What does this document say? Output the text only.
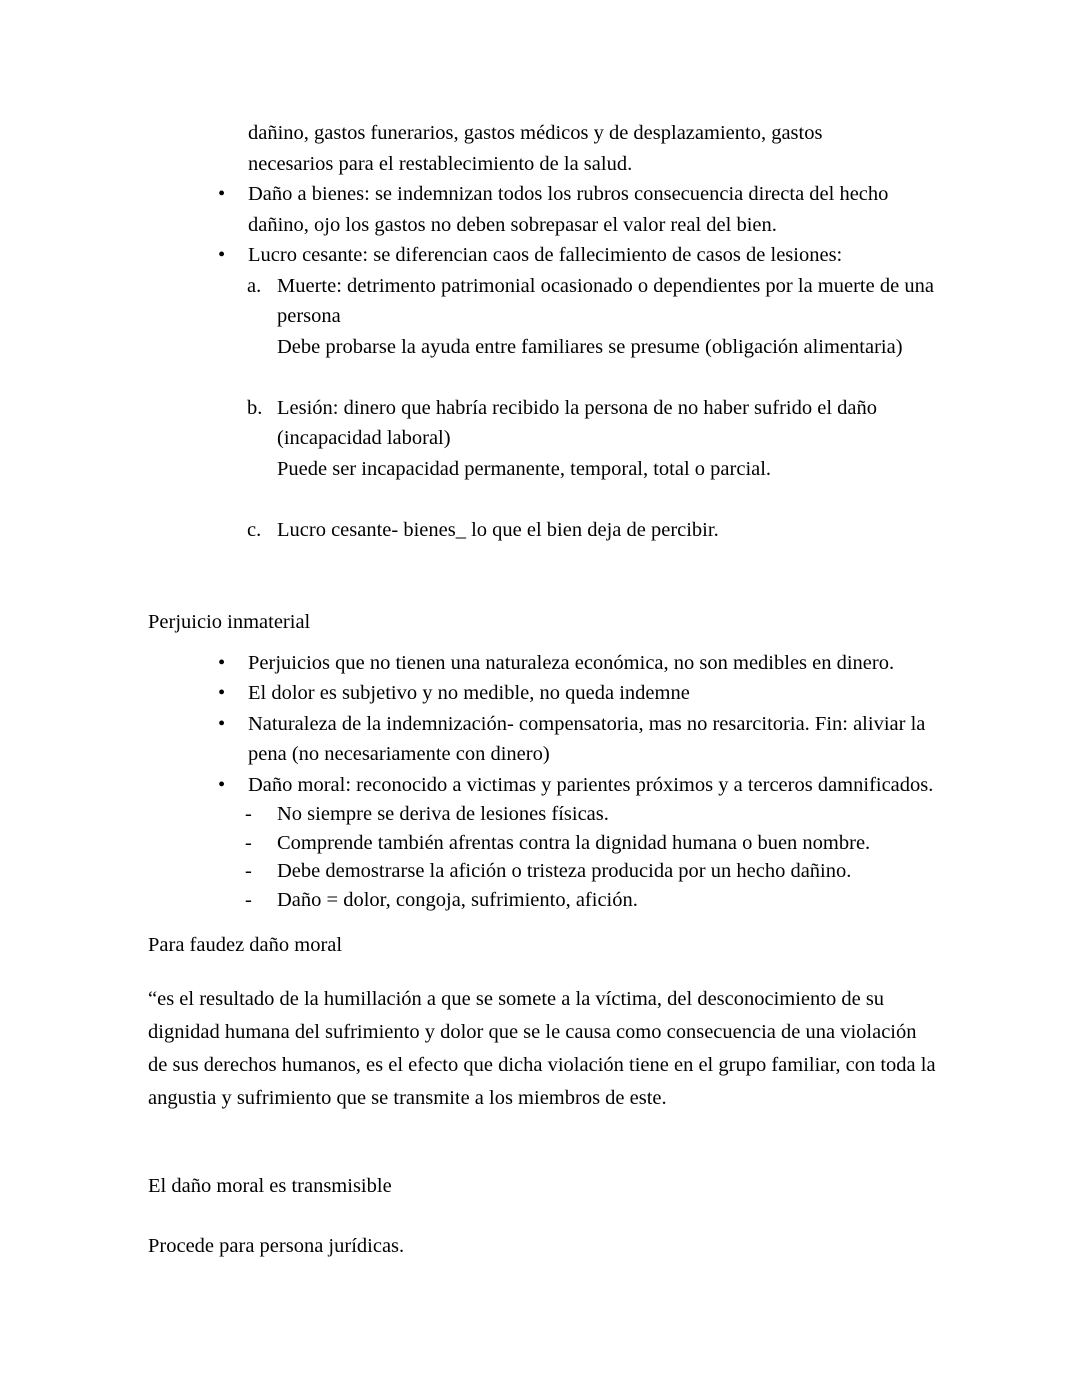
dañino, gastos funerarios, gastos médicos y de desplazamiento, gastos
necesarios para el restablecimiento de la salud.
•	Daño a bienes: se indemnizan todos los rubros consecuencia directa del hecho dañino, ojo los gastos no deben sobrepasar el valor real del bien.
•	Lucro cesante: se diferencian caos de fallecimiento de casos de lesiones:
a. Muerte: detrimento patrimonial ocasionado o dependientes por la muerte de una persona
Debe probarse la ayuda entre familiares se presume (obligación alimentaria)
b. Lesión: dinero que habría recibido la persona de no haber sufrido el daño (incapacidad laboral)
Puede ser incapacidad permanente, temporal, total o parcial.
c. Lucro cesante- bienes_ lo que el bien deja de percibir.
Perjuicio inmaterial
•	Perjuicios que no tienen una naturaleza económica, no son medibles en dinero.
•	El dolor es subjetivo y no medible, no queda indemne
•	Naturaleza de la indemnización- compensatoria, mas no resarcitoria. Fin: aliviar la pena (no necesariamente con dinero)
•	Daño moral: reconocido a victimas y parientes próximos y a terceros damnificados.
-	No siempre se deriva de lesiones físicas.
-	Comprende también afrentas contra la dignidad humana o buen nombre.
-	Debe demostrarse la afición o tristeza producida por un hecho dañino.
-	Daño = dolor, congoja, sufrimiento, afición.
Para faudez daño moral
“es el resultado de la humillación a que se somete a la víctima, del desconocimiento de su dignidad humana del sufrimiento y dolor que se le causa como consecuencia de una violación de sus derechos humanos, es el efecto que dicha violación tiene en el grupo familiar, con toda la angustia y sufrimiento que se transmite a los miembros de este.
El daño moral es transmisible
Procede para persona jurídicas.
